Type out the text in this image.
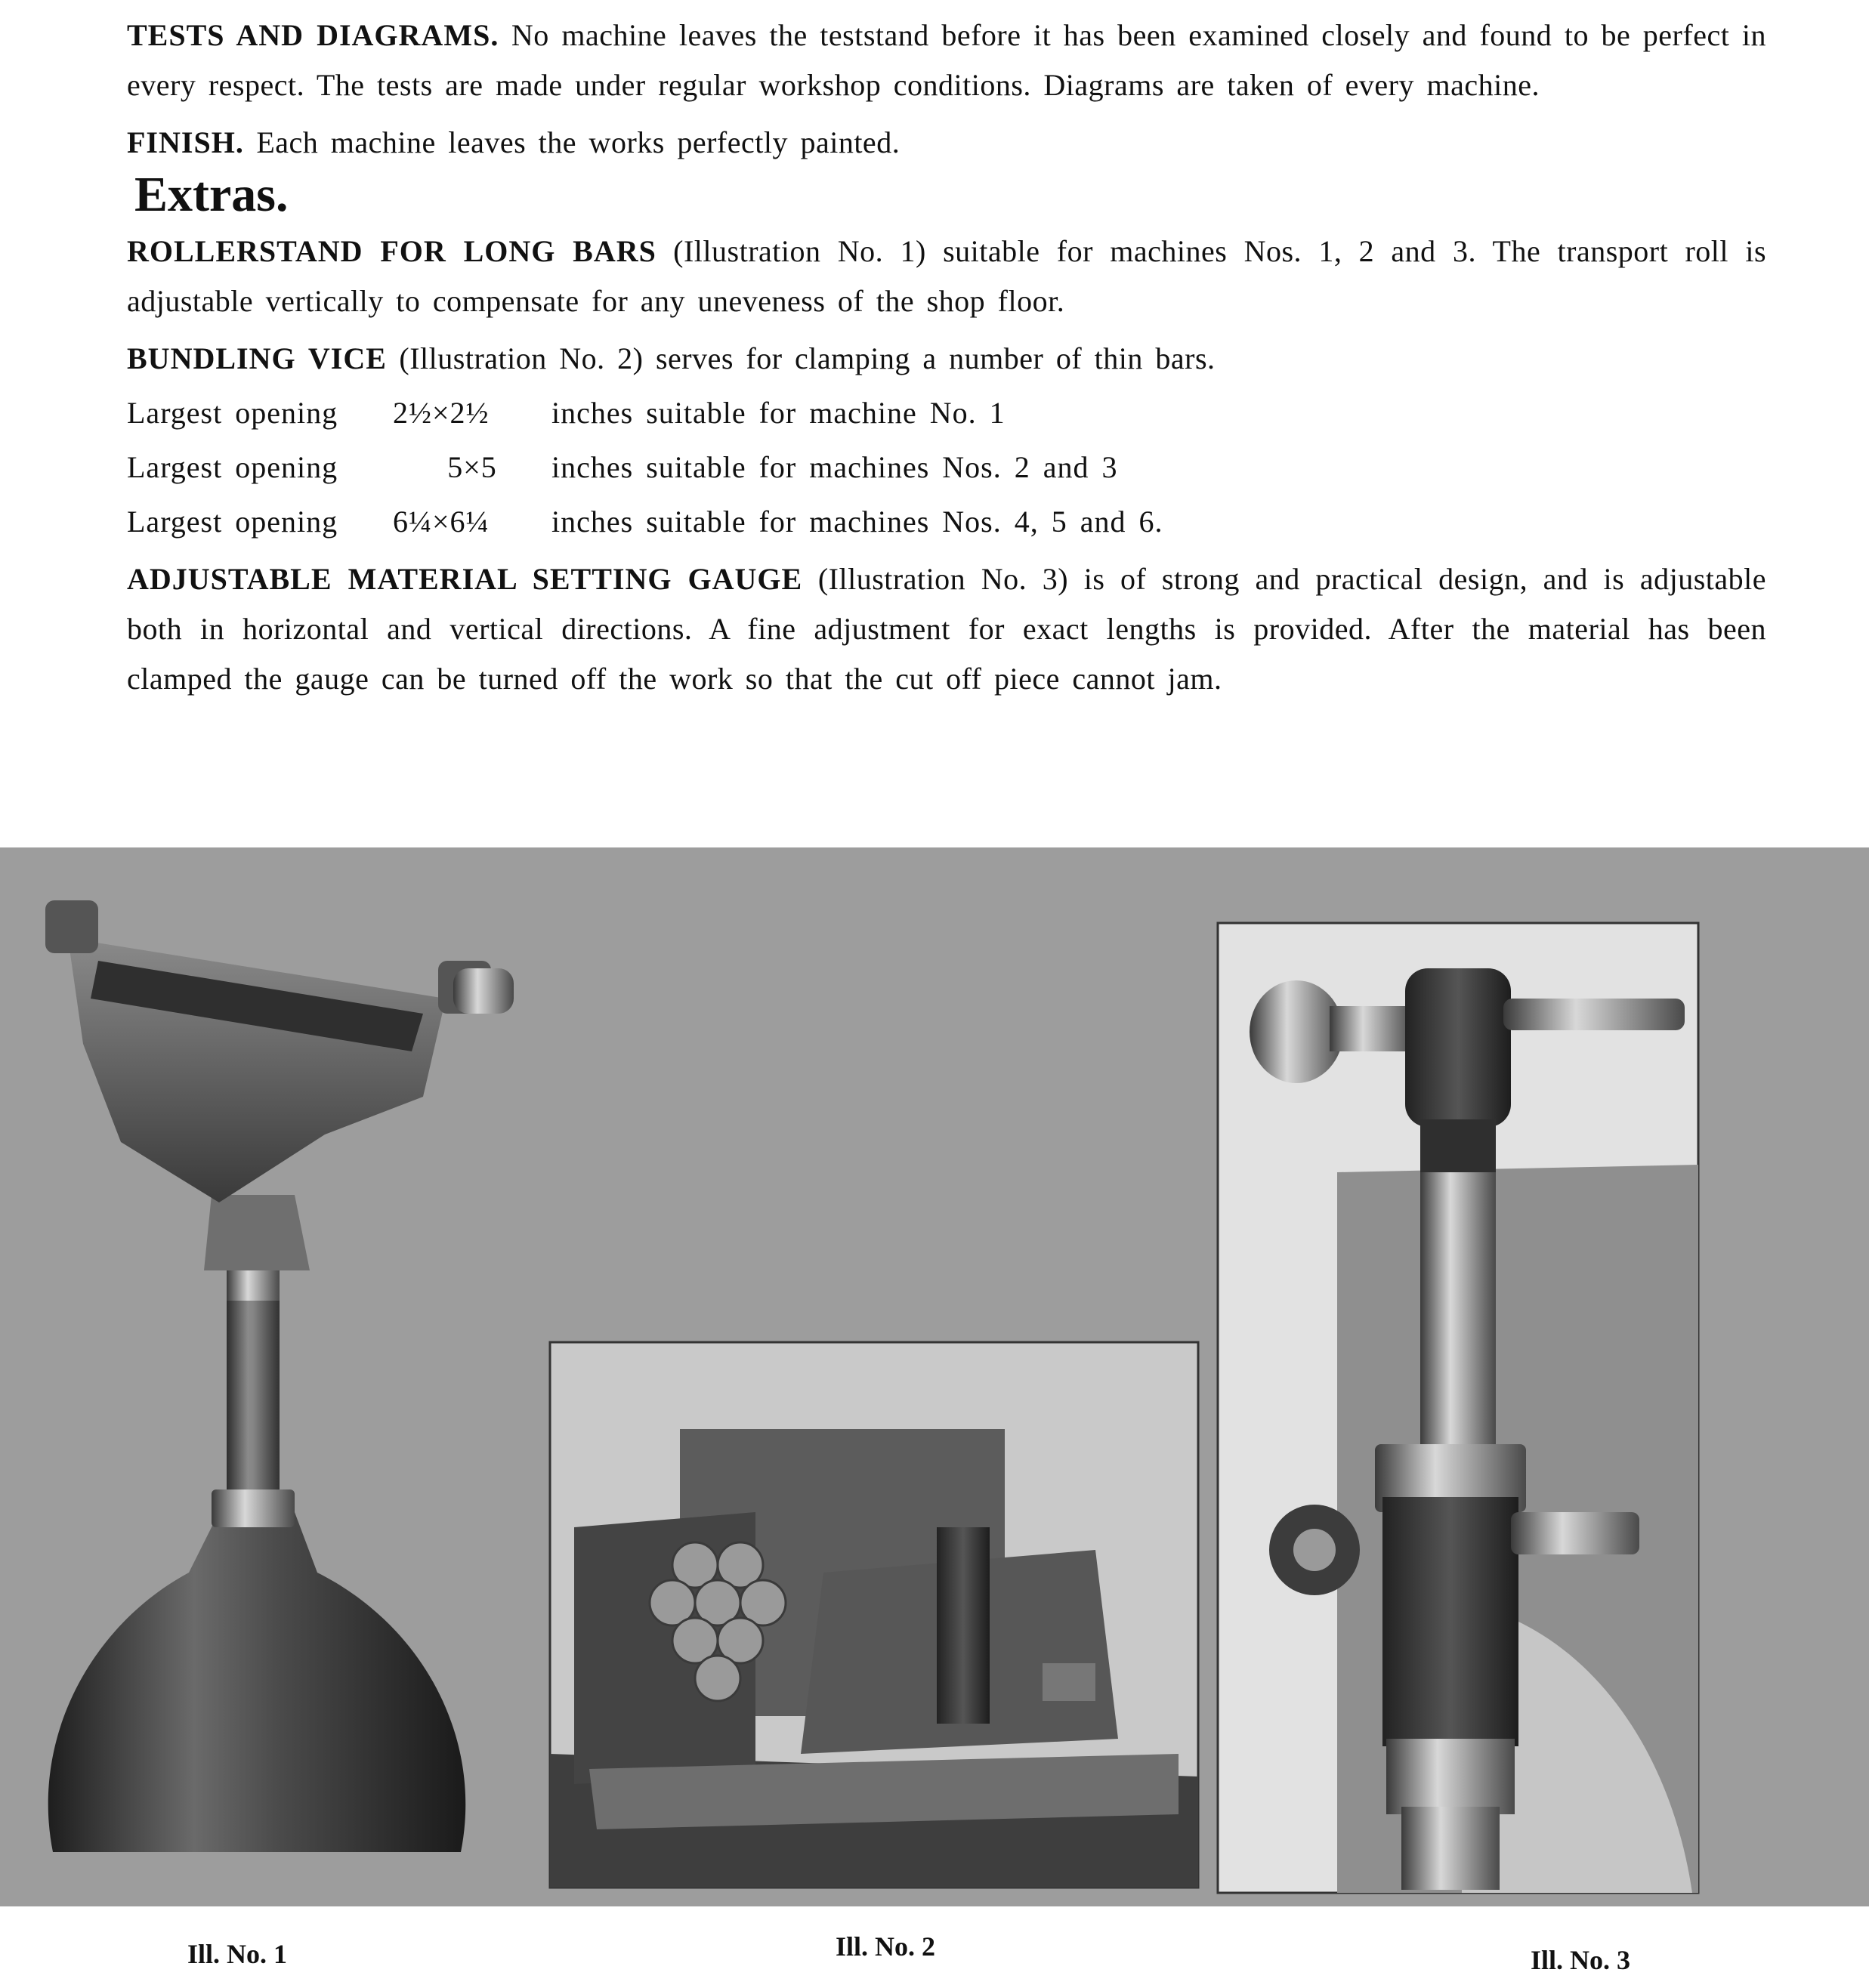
TESTS AND DIAGRAMS. No machine leaves the teststand before it has been examined closely and found to be perfect in every respect. The tests are made under regular workshop conditions. Diagrams are taken of every machine.

FINISH. Each machine leaves the works perfectly painted.

Extras.

ROLLERSTAND FOR LONG BARS (Illustration No. 1) suitable for machines Nos. 1, 2 and 3. The transport roll is adjustable vertically to compensate for any uneveness of the shop floor.

BUNDLING VICE (Illustration No. 2) serves for clamping a number of thin bars.

Largest opening	2½×2½	inches suitable for machine No. 1
Largest opening	5×5	inches suitable for machines Nos. 2 and 3
Largest opening	6¼×6¼	inches suitable for machines Nos. 4, 5 and 6.

ADJUSTABLE MATERIAL SETTING GAUGE (Illustration No. 3) is of strong and practical design, and is adjustable both in horizontal and vertical directions. A fine adjustment for exact lengths is provided. After the material has been clamped the gauge can be turned off the work so that the cut off piece cannot jam.

Ill. No. 1	Ill. No. 2	Ill. No. 3
